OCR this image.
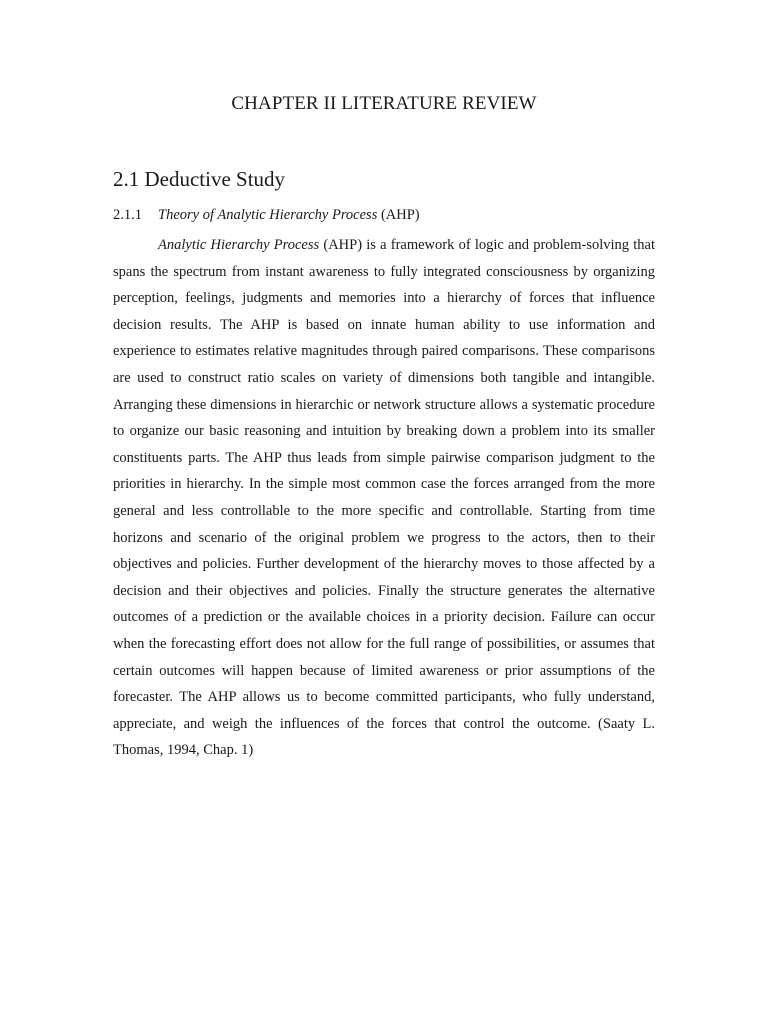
CHAPTER II LITERATURE REVIEW
2.1 Deductive Study

2.1.1 Theory of Analytic Hierarchy Process (AHP)

Analytic Hierarchy Process (AHP) is a framework of logic and problem-solving that spans the spectrum from instant awareness to fully integrated consciousness by organizing perception, feelings, judgments and memories into a hierarchy of forces that influence decision results. The AHP is based on innate human ability to use information and experience to estimates relative magnitudes through paired comparisons. These comparisons are used to construct ratio scales on variety of dimensions both tangible and intangible. Arranging these dimensions in hierarchic or network structure allows a systematic procedure to organize our basic reasoning and intuition by breaking down a problem into its smaller constituents parts. The AHP thus leads from simple pairwise comparison judgment to the priorities in hierarchy. In the simple most common case the forces arranged from the more general and less controllable to the more specific and controllable. Starting from time horizons and scenario of the original problem we progress to the actors, then to their objectives and policies. Further development of the hierarchy moves to those affected by a decision and their objectives and policies. Finally the structure generates the alternative outcomes of a prediction or the available choices in a priority decision. Failure can occur when the forecasting effort does not allow for the full range of possibilities, or assumes that certain outcomes will happen because of limited awareness or prior assumptions of the forecaster. The AHP allows us to become committed participants, who fully understand, appreciate, and weigh the influences of the forces that control the outcome. (Saaty L. Thomas, 1994, Chap. 1)
